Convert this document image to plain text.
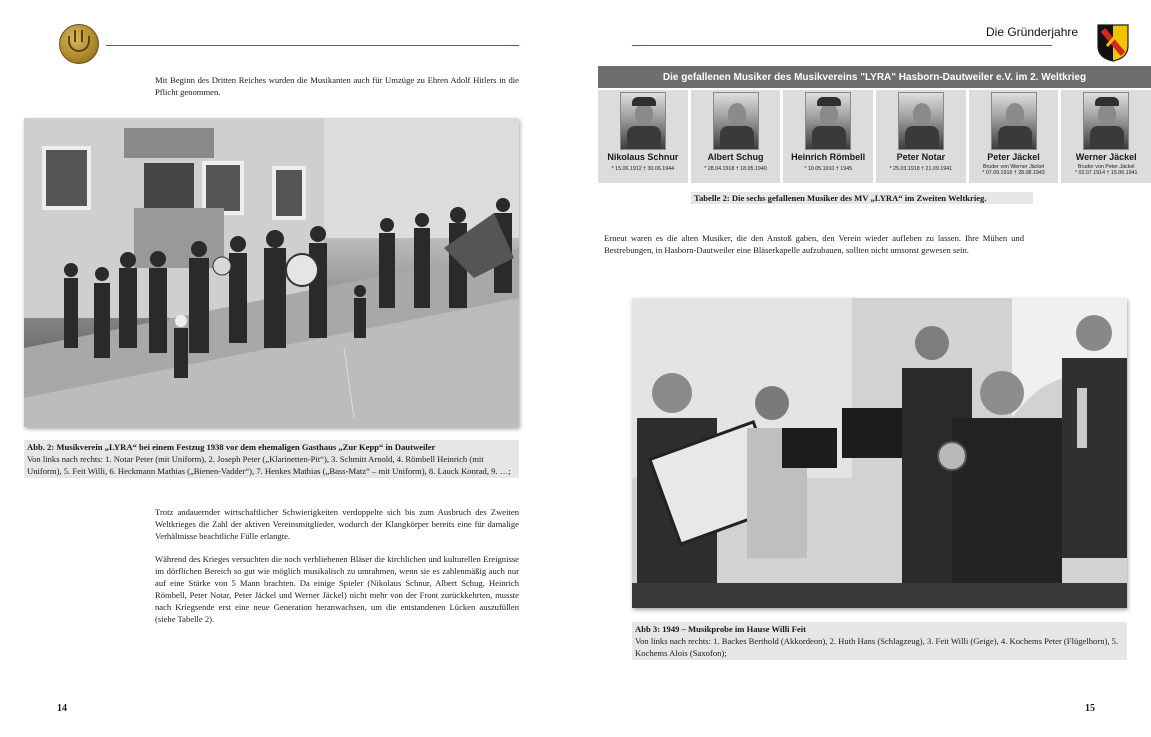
Mit Beginn des Dritten Reiches wurden die Musikanten auch für Umzüge zu Ehren Adolf Hitlers in die Pflicht genommen.

Abb. 2: Musikverein „LYRA“ bei einem Festzug 1938 vor dem ehemaligen Gasthaus „Zur Kepp“ in Dautweiler
Von links nach rechts: 1. Notar Peter (mit Uniform), 2. Joseph Peter („Klarinetten-Pit“), 3. Schmitt Arnold, 4. Römbell Heinrich (mit Uniform), 5. Feit Willi, 6. Heckmann Mathias („Bienen-Vadder“), 7. Henkes Mathias („Bass-Matz“ – mit Uniform), 8. Lauck Konrad, 9. …;

Trotz andauernder wirtschaftlicher Schwierigkeiten verdoppelte sich bis zum Ausbruch des Zweiten Weltkrieges die Zahl der aktiven Vereinsmitglieder, wodurch der Klangkörper bereits eine für damalige Verhältnisse beachtliche Fülle erlangte.

Während des Krieges versuchten die noch verbliebenen Bläser die kirchlichen und kulturellen Ereignisse im dörflichen Bereich so gut wie möglich musikalisch zu umrahmen, wenn sie es zahlenmäßig auch nur auf eine Stärke von 5 Mann brachten. Da einige Spieler (Nikolaus Schnur, Albert Schug, Heinrich Römbell, Peter Notar, Peter Jäckel und Werner Jäckel) nicht mehr von der Front zurückkehrten, musste nach Kriegsende erst eine neue Generation heranwachsen, um die entstandenen Lücken auszufüllen (siehe Tabelle 2).

14
Die Gründerjahre
Die gefallenen Musiker des Musikvereins "LYRA" Hasborn-Dautweiler e.V. im 2. Weltkrieg
Nikolaus Schnur
* 15.06.1912 † 30.06.1944
Albert Schug
* 28.04.1918 † 18.05.1940
Heinrich Römbell
* 10.05.1910 † 1945
Peter Notar
* 25.03.1918 † 21.09.1941
Peter Jäckel
Bruder von Werner Jäckel
* 07.09.1916 † 28.08.1943
Werner Jäckel
Bruder von Peter Jäckel
* 02.07.1914 † 15.06.1941
Tabelle 2: Die sechs gefallenen Musiker des MV „LYRA“ im Zweiten Weltkrieg.

Erneut waren es die alten Musiker, die den Anstoß gaben, den Verein wieder aufleben zu lassen. Ihre Mühen und Bestrebungen, in Hasborn-Dautweiler eine Bläserkapelle aufzubauen, sollten nicht umsonst gewesen sein.

Abb 3: 1949 – Musikprobe im Hause Willi Feit
Von links nach rechts: 1. Backes Berthold (Akkordeon), 2. Huth Hans (Schlagzeug), 3. Feit Willi (Geige), 4. Kochems Peter (Flügelhorn), 5. Kochems Alois (Saxofon);
15
